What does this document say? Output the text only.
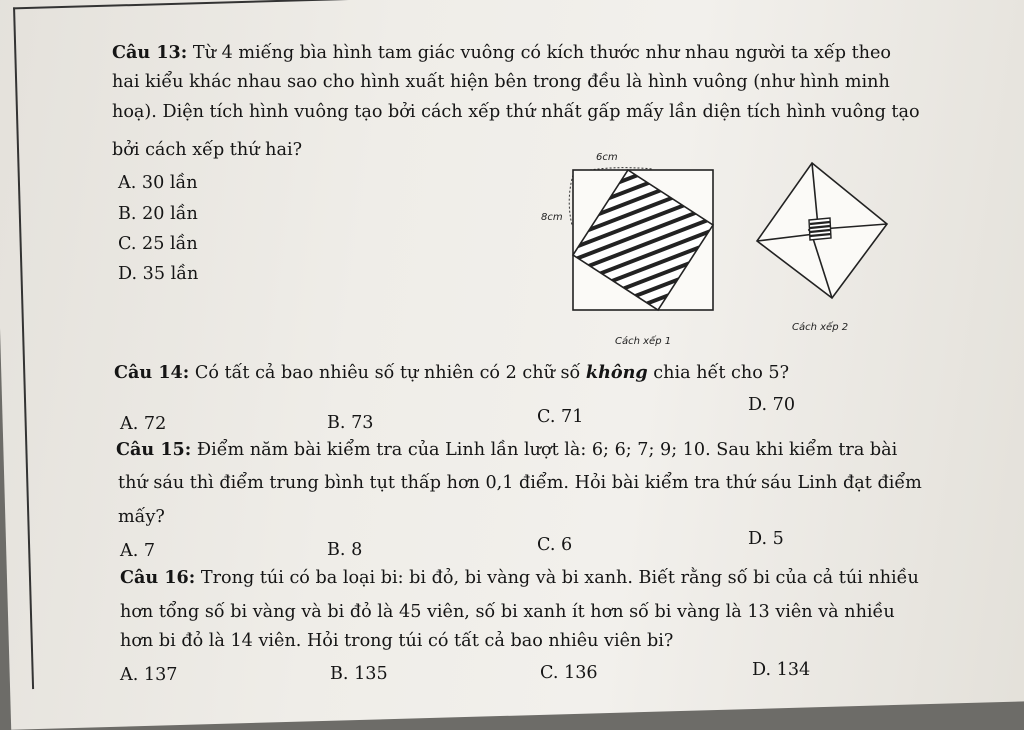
Câu 13: Từ 4 miếng bìa hình tam giác vuông có kích thước như nhau người ta xếp theo
hai kiểu khác nhau sao cho hình xuất hiện bên trong đều là hình vuông (như hình minh
hoạ). Diện tích hình vuông tạo bởi cách xếp thứ nhất gấp mấy lần diện tích hình vuông tạo
bởi cách xếp thứ hai?
A. 30 lần
B. 20 lần
C. 25 lần
D. 35 lần
6cm
8cm
Cách xếp 1
Cách xếp 2
Câu 14: Có tất cả bao nhiêu số tự nhiên có 2 chữ số không chia hết cho 5?
A. 72	B. 73	C. 71
D. 70
Câu 15: Điểm năm bài kiểm tra của Linh lần lượt là: 6; 6; 7; 9; 10. Sau khi kiểm tra bài
thứ sáu thì điểm trung bình tụt thấp hơn 0,1 điểm. Hỏi bài kiểm tra thứ sáu Linh đạt điểm
mấy?
A. 7	B. 8	C. 6	D. 5
Câu 16: Trong túi có ba loại bi: bi đỏ, bi vàng và bi xanh. Biết rằng số bi của cả túi nhiều
hơn tổng số bi vàng và bi đỏ là 45 viên, số bi xanh ít hơn số bi vàng là 13 viên và nhiều
hơn bi đỏ là 14 viên. Hỏi trong túi có tất cả bao nhiêu viên bi?
A. 137	B. 135	C. 136	D. 134
